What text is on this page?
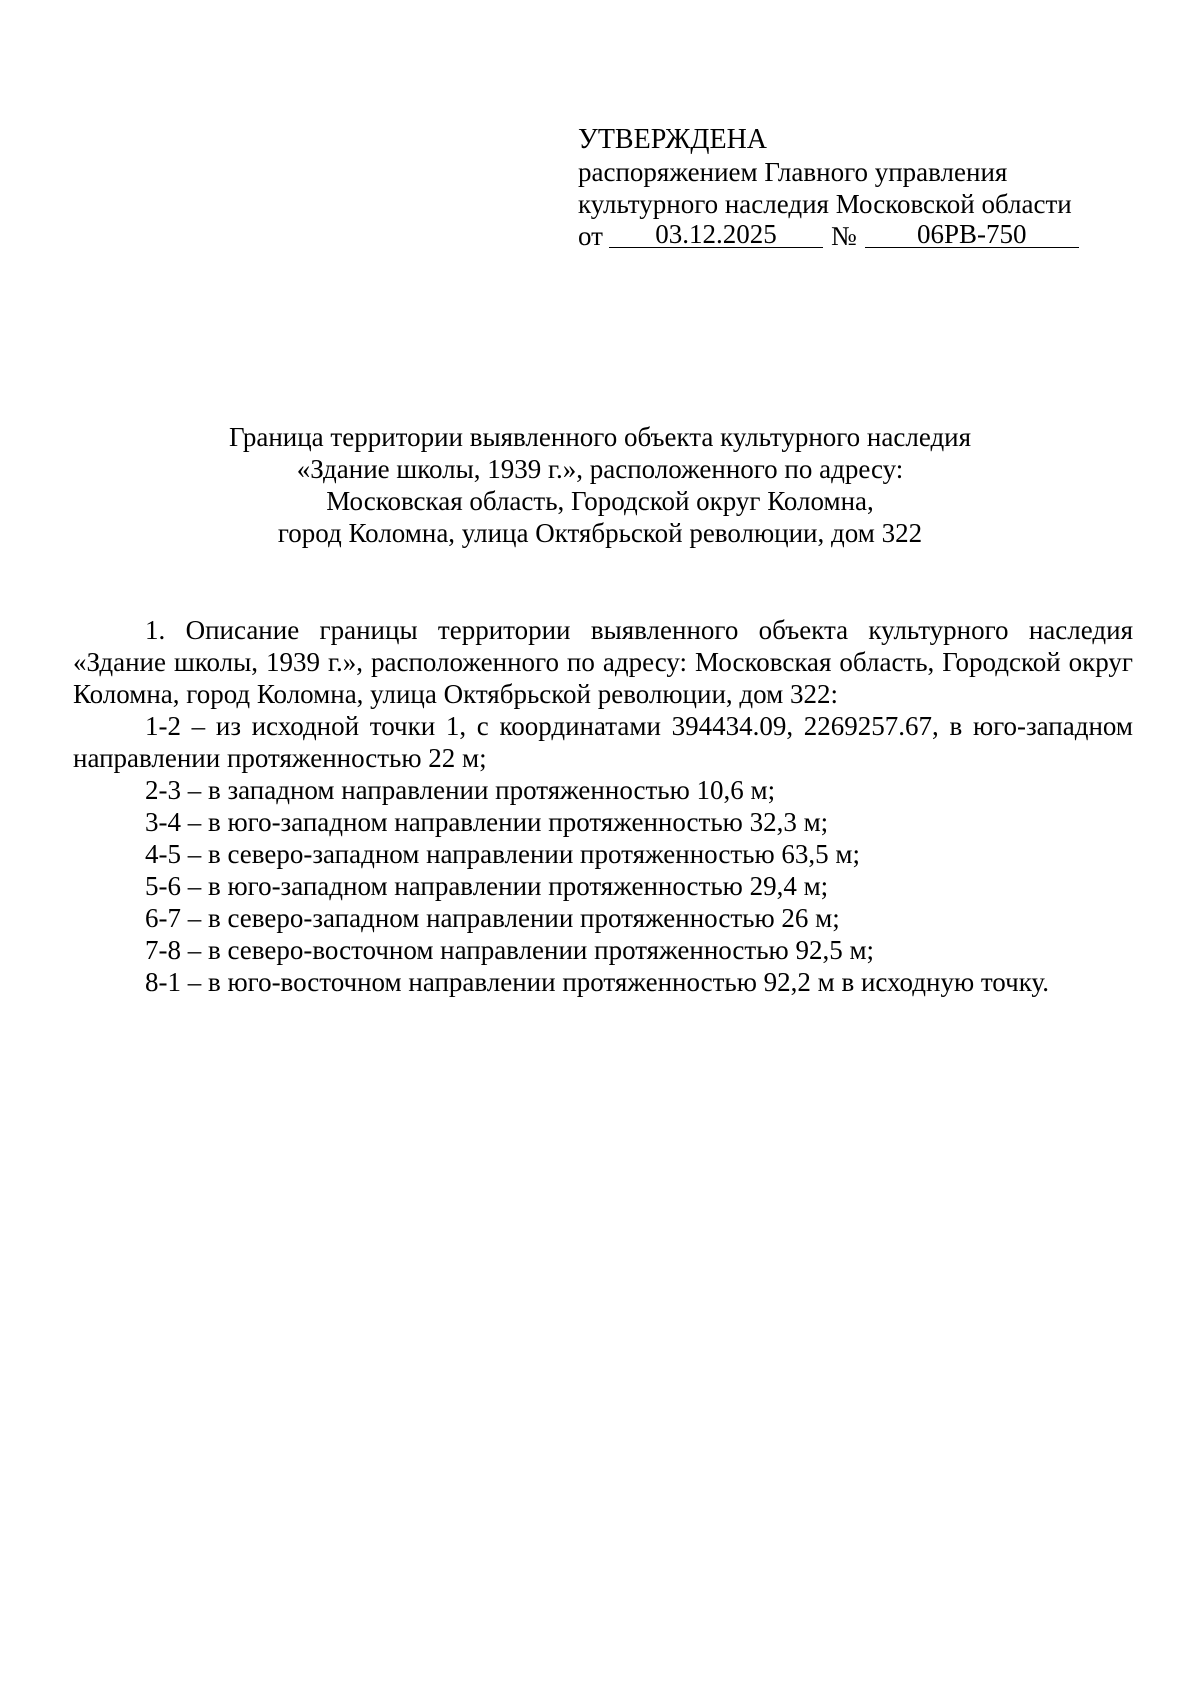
УТВЕРЖДЕНА
распоряжением Главного управления
культурного наследия Московской области
от	03.12.2025	№	06РВ-750
Граница территории выявленного объекта культурного наследия
«Здание школы, 1939 г.», расположенного по адресу:
Московская область, Городской округ Коломна,
город Коломна, улица Октябрьской революции, дом 322

1. Описание границы территории выявленного объекта культурного наследия «Здание школы, 1939 г.», расположенного по адресу: Московская область, Городской округ Коломна, город Коломна, улица Октябрьской революции, дом 322:

1-2 – из исходной точки 1, с координатами 394434.09, 2269257.67, в юго-западном направлении протяженностью 22 м;

2-3 – в западном направлении протяженностью 10,6 м;

3-4 – в юго-западном направлении протяженностью 32,3 м;

4-5 – в северо-западном направлении протяженностью 63,5 м;

5-6 – в юго-западном направлении протяженностью 29,4 м;

6-7 – в северо-западном направлении протяженностью 26 м;

7-8 – в северо-восточном направлении протяженностью 92,5 м;

8-1 – в юго-восточном направлении протяженностью 92,2 м в исходную точку.
